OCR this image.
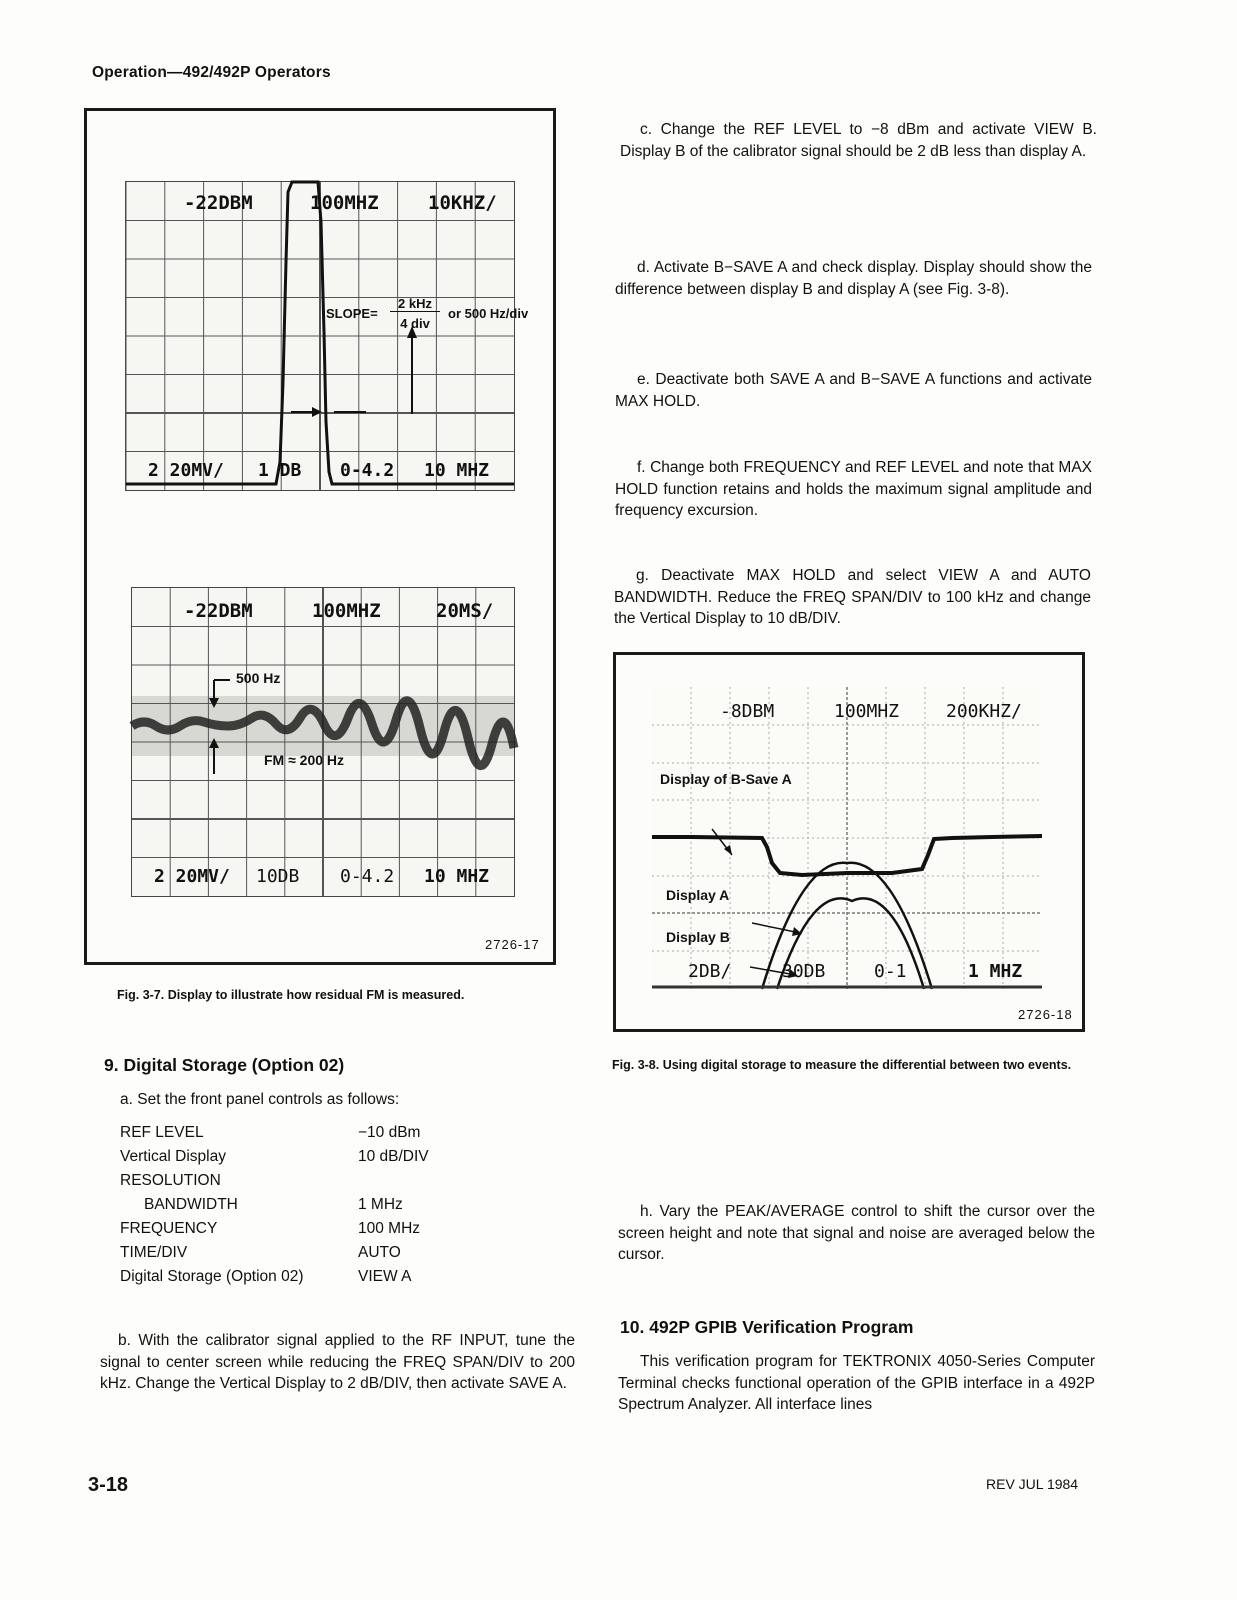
Operation—492/492P Operators
-22DBM	100MHZ	10KHZ/
2 20MV/ 1 DB 0-4.2 10 MHZ
SLOPE=
2 kHz
4 div
or 500 Hz/div
-22DBM	100MHZ	20MS/
2 20MV/ 10DB 0-4.2 10 MHZ
500 Hz
FM ≈ 200 Hz
2726-17
Fig. 3-7. Display to illustrate how residual FM is measured.
9. Digital Storage (Option 02)
a. Set the front panel controls as follows:
REF LEVEL	−10 dBm
Vertical Display	10 dB/DIV
RESOLUTION
BANDWIDTH	1 MHz
FREQUENCY	100 MHz
TIME/DIV	AUTO
Digital Storage (Option 02)	VIEW A
b. With the calibrator signal applied to the RF INPUT, tune the signal to center screen while reducing the FREQ SPAN/DIV to 200 kHz. Change the Vertical Display to 2 dB/DIV, then activate SAVE A.
c. Change the REF LEVEL to −8 dBm and activate VIEW B. Display B of the calibrator signal should be 2 dB less than display A.
d. Activate B−SAVE A and check display. Display should show the difference between display B and display A (see Fig. 3-8).
e. Deactivate both SAVE A and B−SAVE A functions and activate MAX HOLD.
f. Change both FREQUENCY and REF LEVEL and note that MAX HOLD function retains and holds the maximum signal amplitude and frequency excursion.
g. Deactivate MAX HOLD and select VIEW A and AUTO BANDWIDTH. Reduce the FREQ SPAN/DIV to 100 kHz and change the Vertical Display to 10 dB/DIV.
-8DBM	100MHZ	200KHZ/
2DB/	30DB	0-1	1 MHZ
Display of B-Save A
Display A
Display B
2726-18
Fig. 3-8. Using digital storage to measure the differential between two events.
h. Vary the PEAK/AVERAGE control to shift the cursor over the screen height and note that signal and noise are averaged below the cursor.
10. 492P GPIB Verification Program
This verification program for TEKTRONIX 4050-Series Computer Terminal checks functional operation of the GPIB interface in a 492P Spectrum Analyzer. All interface lines
3-18	REV JUL 1984
